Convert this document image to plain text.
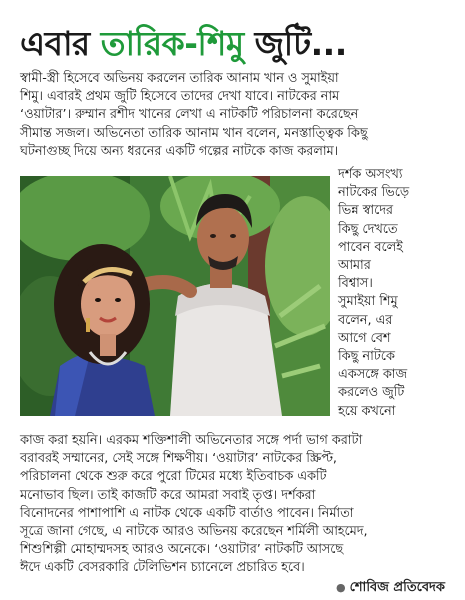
এবার তারিক-শিমু জুটি...
স্বামী-স্ত্রী হিসেবে অভিনয় করলেন তারিক আনাম খান ও সুমাইয়া
শিমু। এবারই প্রথম জুটি হিসেবে তাদের দেখা যাবে। নাটকের নাম
‘ওয়াটার’। রুম্মান রশীদ খানের লেখা এ নাটকটি পরিচালনা করেছেন
সীমান্ত সজল। অভিনেতা তারিক আনাম খান বলেন, মনস্তাত্ত্বিক কিছু
ঘটনাগুচ্ছ দিয়ে অন্য ধরনের একটি গল্পের নাটকে কাজ করলাম।
দর্শক অসংখ্য
নাটকের ভিড়ে
ভিন্ন স্বাদের
কিছু দেখতে
পাবেন বলেই
আমার
বিশ্বাস।
সুমাইয়া শিমু
বলেন, এর
আগে বেশ
কিছু নাটকে
একসঙ্গে কাজ
করলেও জুটি
হয়ে কখনো
কাজ করা হয়নি। এরকম শক্তিশালী অভিনেতার সঙ্গে পর্দা ভাগ করাটা
বরাবরই সম্মানের, সেই সঙ্গে শিক্ষণীয়। ‘ওয়াটার’ নাটকের স্ক্রিপ্ট,
পরিচালনা থেকে শুরু করে পুরো টিমের মধ্যে ইতিবাচক একটি
মনোভাব ছিল। তাই কাজটি করে আমরা সবাই তৃপ্ত। দর্শকরা
বিনোদনের পাশাপাশি এ নাটক থেকে একটি বার্তাও পাবেন। নির্মাতা
সূত্রে জানা গেছে, এ নাটকে আরও অভিনয় করেছেন শর্মিলী আহমেদ,
শিশুশিল্পী মোহাম্মদসহ আরও অনেকে। ‘ওয়াটার’ নাটকটি আসছে
ঈদে একটি বেসরকারি টেলিভিশন চ্যানেলে প্রচারিত হবে।
● শোবিজ প্রতিবেদক
